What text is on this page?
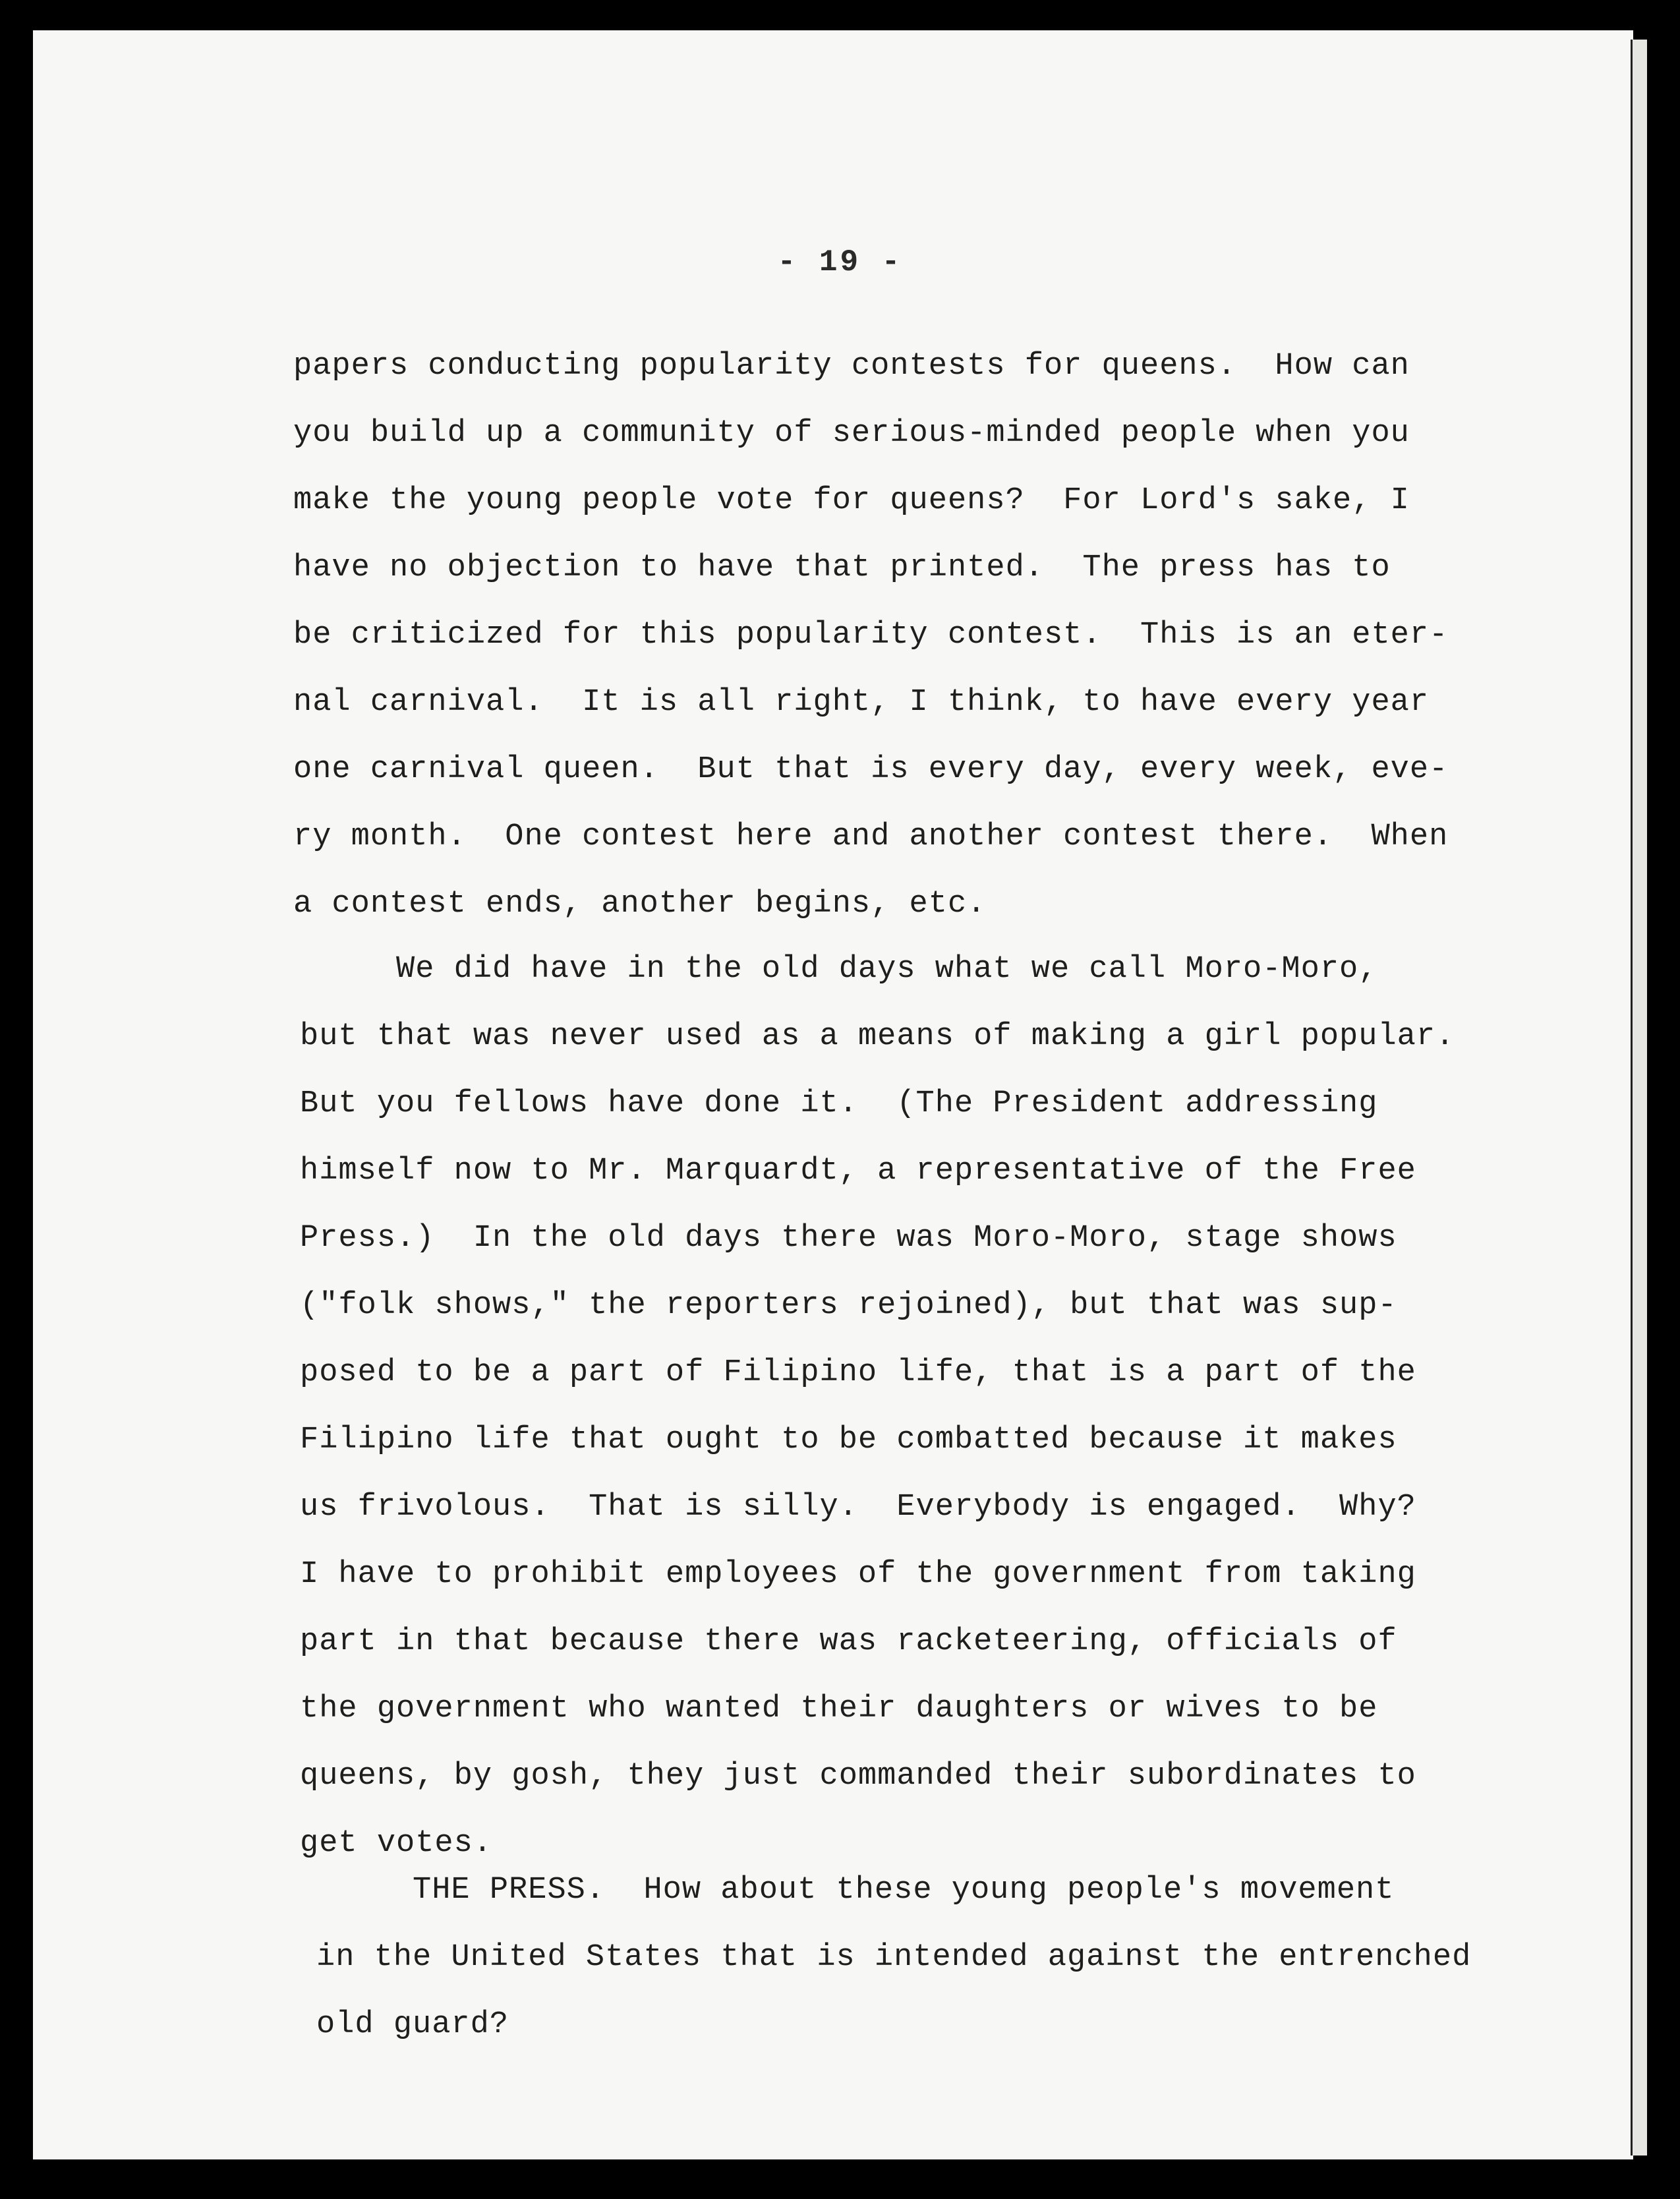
- 19 -
papers conducting popularity contests for queens.  How can
you build up a community of serious-minded people when you
make the young people vote for queens?  For Lord's sake, I
have no objection to have that printed.  The press has to
be criticized for this popularity contest.  This is an eter-
nal carnival.  It is all right, I think, to have every year
one carnival queen.  But that is every day, every week, eve-
ry month.  One contest here and another contest there.  When
a contest ends, another begins, etc.
We did have in the old days what we call Moro-Moro,
but that was never used as a means of making a girl popular.
But you fellows have done it.  (The President addressing
himself now to Mr. Marquardt, a representative of the Free
Press.)  In the old days there was Moro-Moro, stage shows
("folk shows," the reporters rejoined), but that was sup-
posed to be a part of Filipino life, that is a part of the
Filipino life that ought to be combatted because it makes
us frivolous.  That is silly.  Everybody is engaged.  Why?
I have to prohibit employees of the government from taking
part in that because there was racketeering, officials of
the government who wanted their daughters or wives to be
queens, by gosh, they just commanded their subordinates to
get votes.
THE PRESS.  How about these young people's movement
in the United States that is intended against the entrenched
old guard?
